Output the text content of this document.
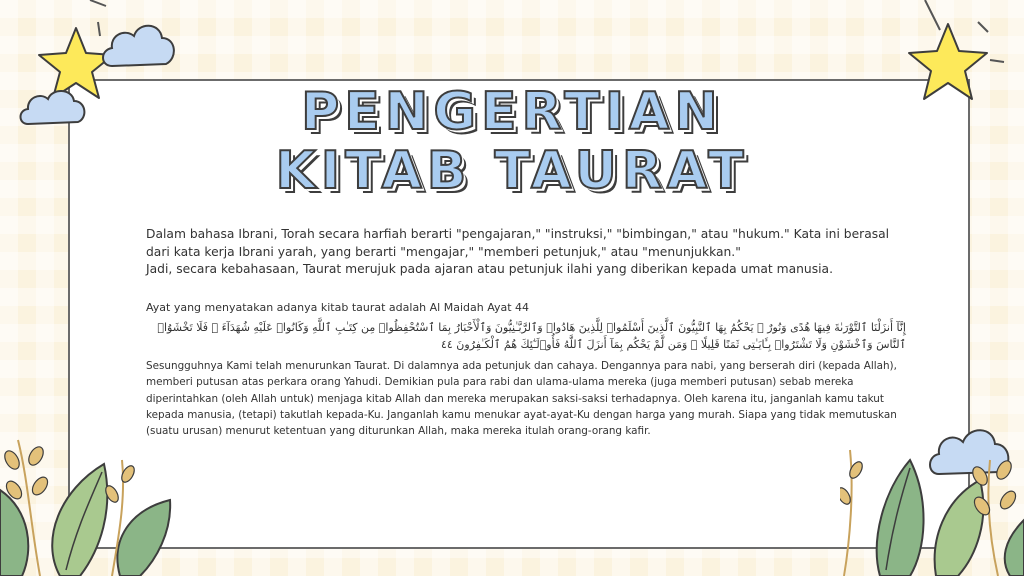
PENGERTIAN
KITAB TAURAT

Dalam bahasa Ibrani, Torah secara harfiah berarti "pengajaran," "instruksi," "bimbingan," atau "hukum." Kata ini berasal dari kata kerja Ibrani yarah, yang berarti "mengajar," "memberi petunjuk," atau "menunjukkan."

Jadi, secara kebahasaan, Taurat merujuk pada ajaran atau petunjuk ilahi yang diberikan kepada umat manusia.

Ayat yang menyatakan adanya kitab taurat adalah Al Maidah Ayat 44
إِنَّآ أَنزَلْنَا ٱلتَّوْرَىٰةَ فِيهَا هُدًى وَنُورٌ ۚ يَحْكُمُ بِهَا ٱلنَّبِيُّونَ ٱلَّذِينَ أَسْلَمُوا۟ لِلَّذِينَ هَادُوا۟ وَٱلرَّبَّـٰنِيُّونَ وَٱلْأَحْبَارُ بِمَا ٱسْتُحْفِظُوا۟ مِن كِتَـٰبِ ٱللَّهِ وَكَانُوا۟ عَلَيْهِ شُهَدَآءَ ۚ فَلَا تَخْشَوُا۟ ٱلنَّاسَ وَٱخْشَوْنِ وَلَا تَشْتَرُوا۟ بِـَٔايَـٰتِى ثَمَنًا قَلِيلًا ۚ وَمَن لَّمْ يَحْكُم بِمَآ أَنزَلَ ٱللَّهُ فَأُو۟لَـٰٓئِكَ هُمُ ٱلْكَـٰفِرُونَ ٤٤
Sesungguhnya Kami telah menurunkan Taurat. Di dalamnya ada petunjuk dan cahaya. Dengannya para nabi, yang berserah diri (kepada Allah), memberi putusan atas perkara orang Yahudi. Demikian pula para rabi dan ulama-ulama mereka (juga memberi putusan) sebab mereka diperintahkan (oleh Allah untuk) menjaga kitab Allah dan mereka merupakan saksi-saksi terhadapnya. Oleh karena itu, janganlah kamu takut kepada manusia, (tetapi) takutlah kepada-Ku. Janganlah kamu menukar ayat-ayat-Ku dengan harga yang murah. Siapa yang tidak memutuskan (suatu urusan) menurut ketentuan yang diturunkan Allah, maka mereka itulah orang-orang kafir.
